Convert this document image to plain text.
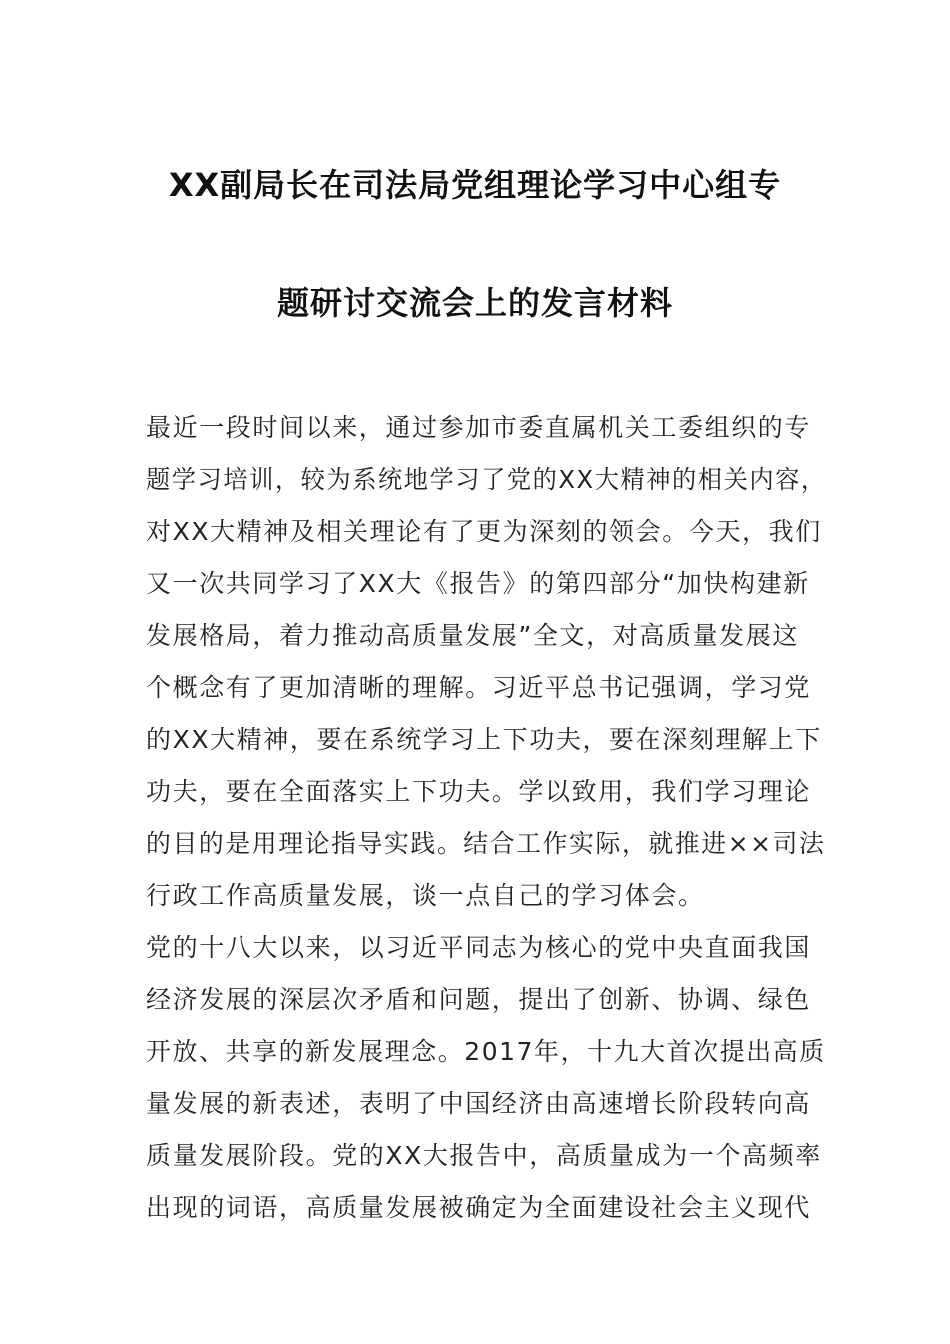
XX副局长在司法局党组理论学习中心组专
题研讨交流会上的发言材料
最近一段时间以来，通过参加市委直属机关工委组织的专
题学习培训，较为系统地学习了党的XX大精神的相关内容，
对XX大精神及相关理论有了更为深刻的领会。今天，我们
又一次共同学习了XX大《报告》的第四部分“加快构建新
发展格局，着力推动高质量发展”全文，对高质量发展这
个概念有了更加清晰的理解。习近平总书记强调，学习党
的XX大精神，要在系统学习上下功夫，要在深刻理解上下
功夫，要在全面落实上下功夫。学以致用，我们学习理论
的目的是用理论指导实践。结合工作实际，就推进××司法
行政工作高质量发展，谈一点自己的学习体会。
党的十八大以来，以习近平同志为核心的党中央直面我国
经济发展的深层次矛盾和问题，提出了创新、协调、绿色
开放、共享的新发展理念。2017年，十九大首次提出高质
量发展的新表述，表明了中国经济由高速增长阶段转向高
质量发展阶段。党的XX大报告中，高质量成为一个高频率
出现的词语，高质量发展被确定为全面建设社会主义现代
